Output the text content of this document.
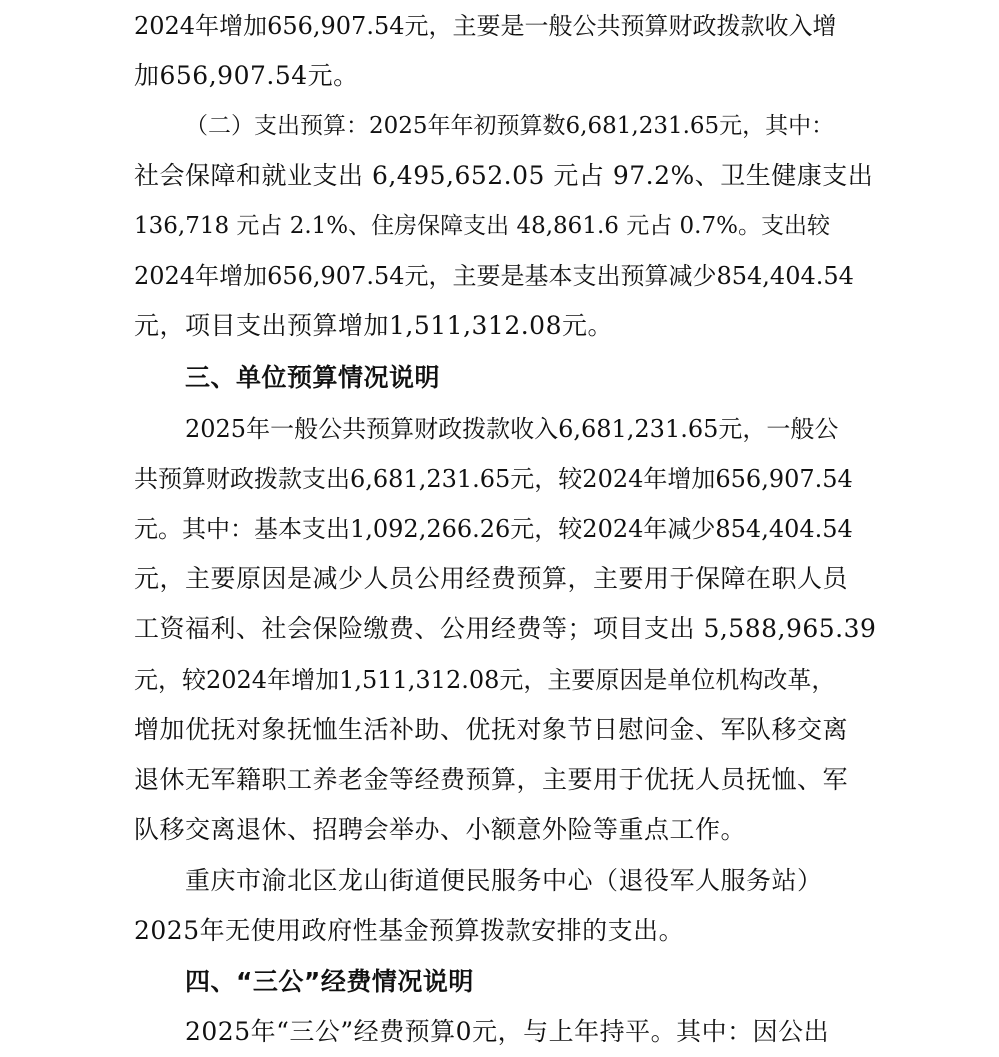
2024年增加656,907.54元，主要是一般公共预算财政拨款收入增
加656,907.54元。
（二）支出预算：2025年年初预算数6,681,231.65元，其中：
社会保障和就业支出 6,495,652.05 元占 97.2%、卫生健康支出
136,718 元占 2.1%、住房保障支出 48,861.6 元占 0.7%。支出较
2024年增加656,907.54元，主要是基本支出预算减少854,404.54
元，项目支出预算增加1,511,312.08元。
三、单位预算情况说明
2025年一般公共预算财政拨款收入6,681,231.65元，一般公
共预算财政拨款支出6,681,231.65元，较2024年增加656,907.54
元。其中：基本支出1,092,266.26元，较2024年减少854,404.54
元，主要原因是减少人员公用经费预算，主要用于保障在职人员
工资福利、社会保险缴费、公用经费等；项目支出 5,588,965.39
元，较2024年增加1,511,312.08元，主要原因是单位机构改革，
增加优抚对象抚恤生活补助、优抚对象节日慰问金、军队移交离
退休无军籍职工养老金等经费预算，主要用于优抚人员抚恤、军
队移交离退休、招聘会举办、小额意外险等重点工作。
重庆市渝北区龙山街道便民服务中心（退役军人服务站）
2025年无使用政府性基金预算拨款安排的支出。
四、“三公”经费情况说明
2025年“三公”经费预算0元，与上年持平。其中：因公出
